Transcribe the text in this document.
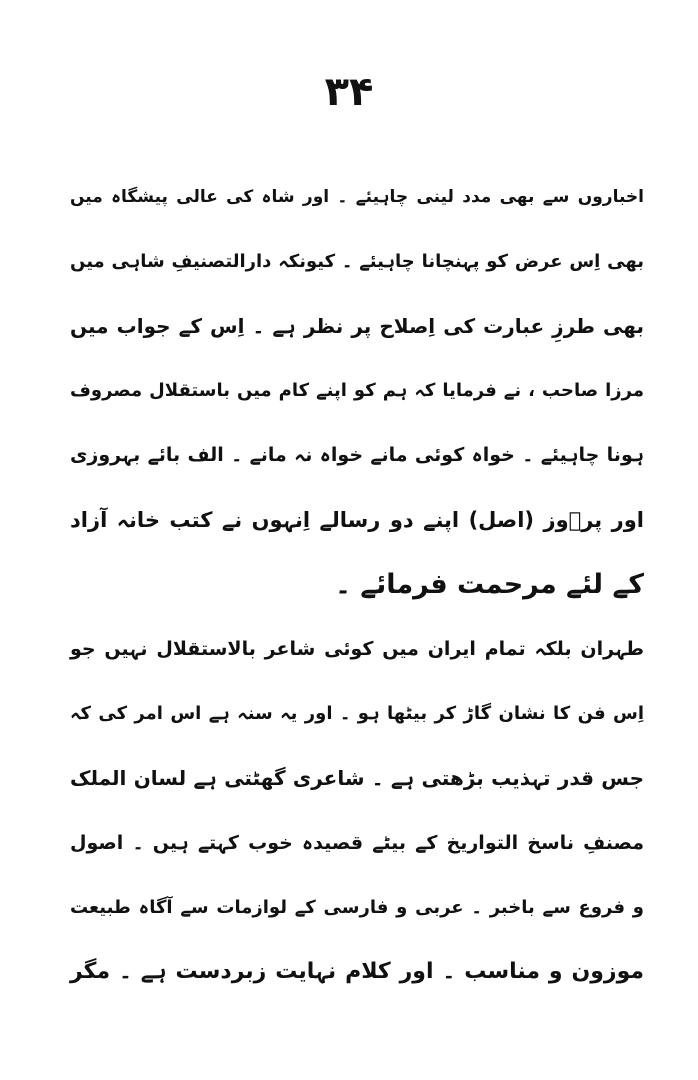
۳۴
اخباروں سے بھی مدد لینی چاہیئے ۔ اور شاہ کی عالی پیشگاہ میں
بھی اِس عرض کو پہنچانا چاہیئے ۔ کیونکہ دارالتصنیفِ شاہی میں
بھی طرزِ عبارت کی اِصلاح پر نظر ہے ۔ اِس کے جواب میں
مرزا صاحب ، نے فرمایا کہ ہم کو اپنے کام میں باستقلال مصروف
ہونا چاہیئے ۔ خواہ کوئی مانے خواہ نہ مانے ۔ الف بائے بہروزی
اور پرؔوز (اصل) اپنے دو رسالے اِنہوں نے کتب خانہ آزاد
کے لئے مرحمت فرمائے ۔
طہران بلکہ تمام ایران میں کوئی شاعر بالاستقلال نہیں جو
اِس فن کا نشان گاڑ کر بیٹھا ہو ۔ اور یہ سنہ ہے اس امر کی کہ
جس قدر تہذیب بڑھتی ہے ۔ شاعری گھٹتی ہے لسان الملک
مصنفِ ناسخ التواریخ کے بیٹے قصیدہ خوب کہتے ہیں ۔ اصول
و فروع سے باخبر ۔ عربی و فارسی کے لوازمات سے آگاہ طبیعت
موزون و مناسب ۔ اور کلام نہایت زبردست ہے ۔ مگر
